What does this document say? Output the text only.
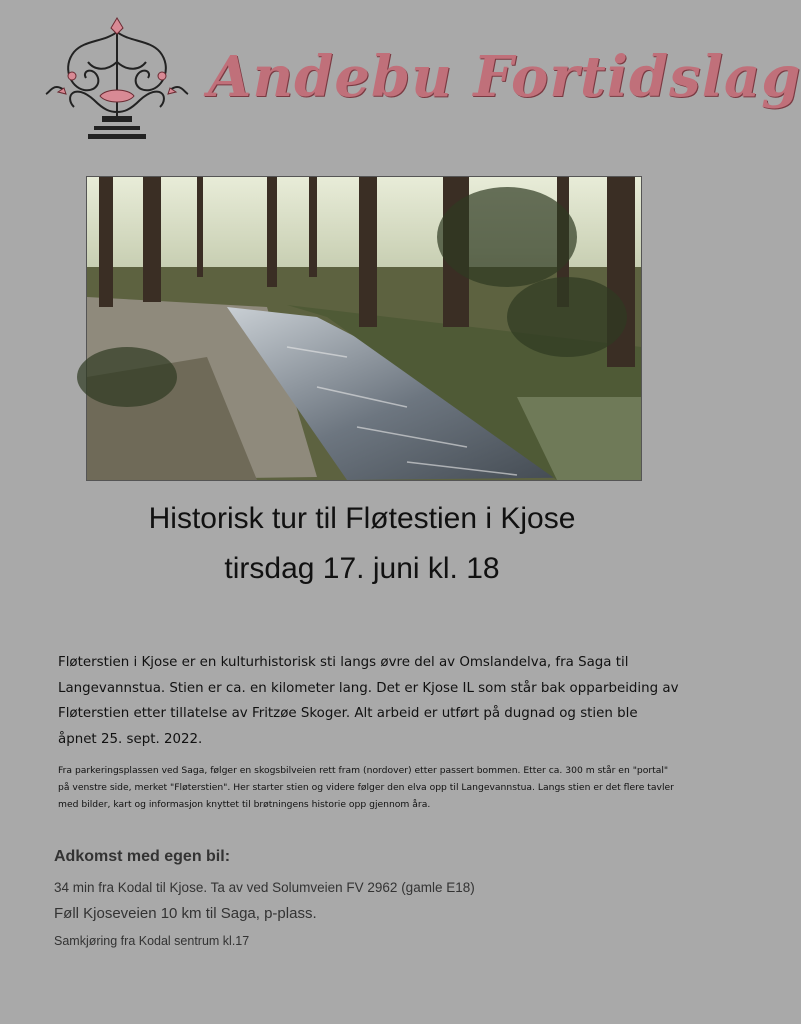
Andebu Fortidslag
Historisk tur til Fløtestien i Kjose
tirsdag 17. juni kl. 18
Fløterstien i Kjose er en kulturhistorisk sti langs øvre del av Omslandelva, fra Saga til Langevannstua. Stien er ca. en kilometer lang. Det er Kjose IL som står bak opparbeiding av Fløterstien etter tillatelse av Fritzøe Skoger. Alt arbeid er utført på dugnad og stien ble åpnet 25. sept. 2022.
Fra parkeringsplassen ved Saga, følger en skogsbilveien rett fram (nordover) etter passert bommen. Etter ca. 300 m står en "portal" på venstre side, merket "Fløterstien". Her starter stien og videre følger den elva opp til Langevannstua. Langs stien er det flere tavler med bilder, kart og informasjon knyttet til brøtningens historie opp gjennom åra.
Adkomst med egen bil:
34 min fra Kodal til Kjose. Ta av ved Solumveien FV 2962 (gamle E18)
Føll Kjoseveien 10 km til Saga, p-plass.
Samkjøring fra Kodal sentrum kl.17
